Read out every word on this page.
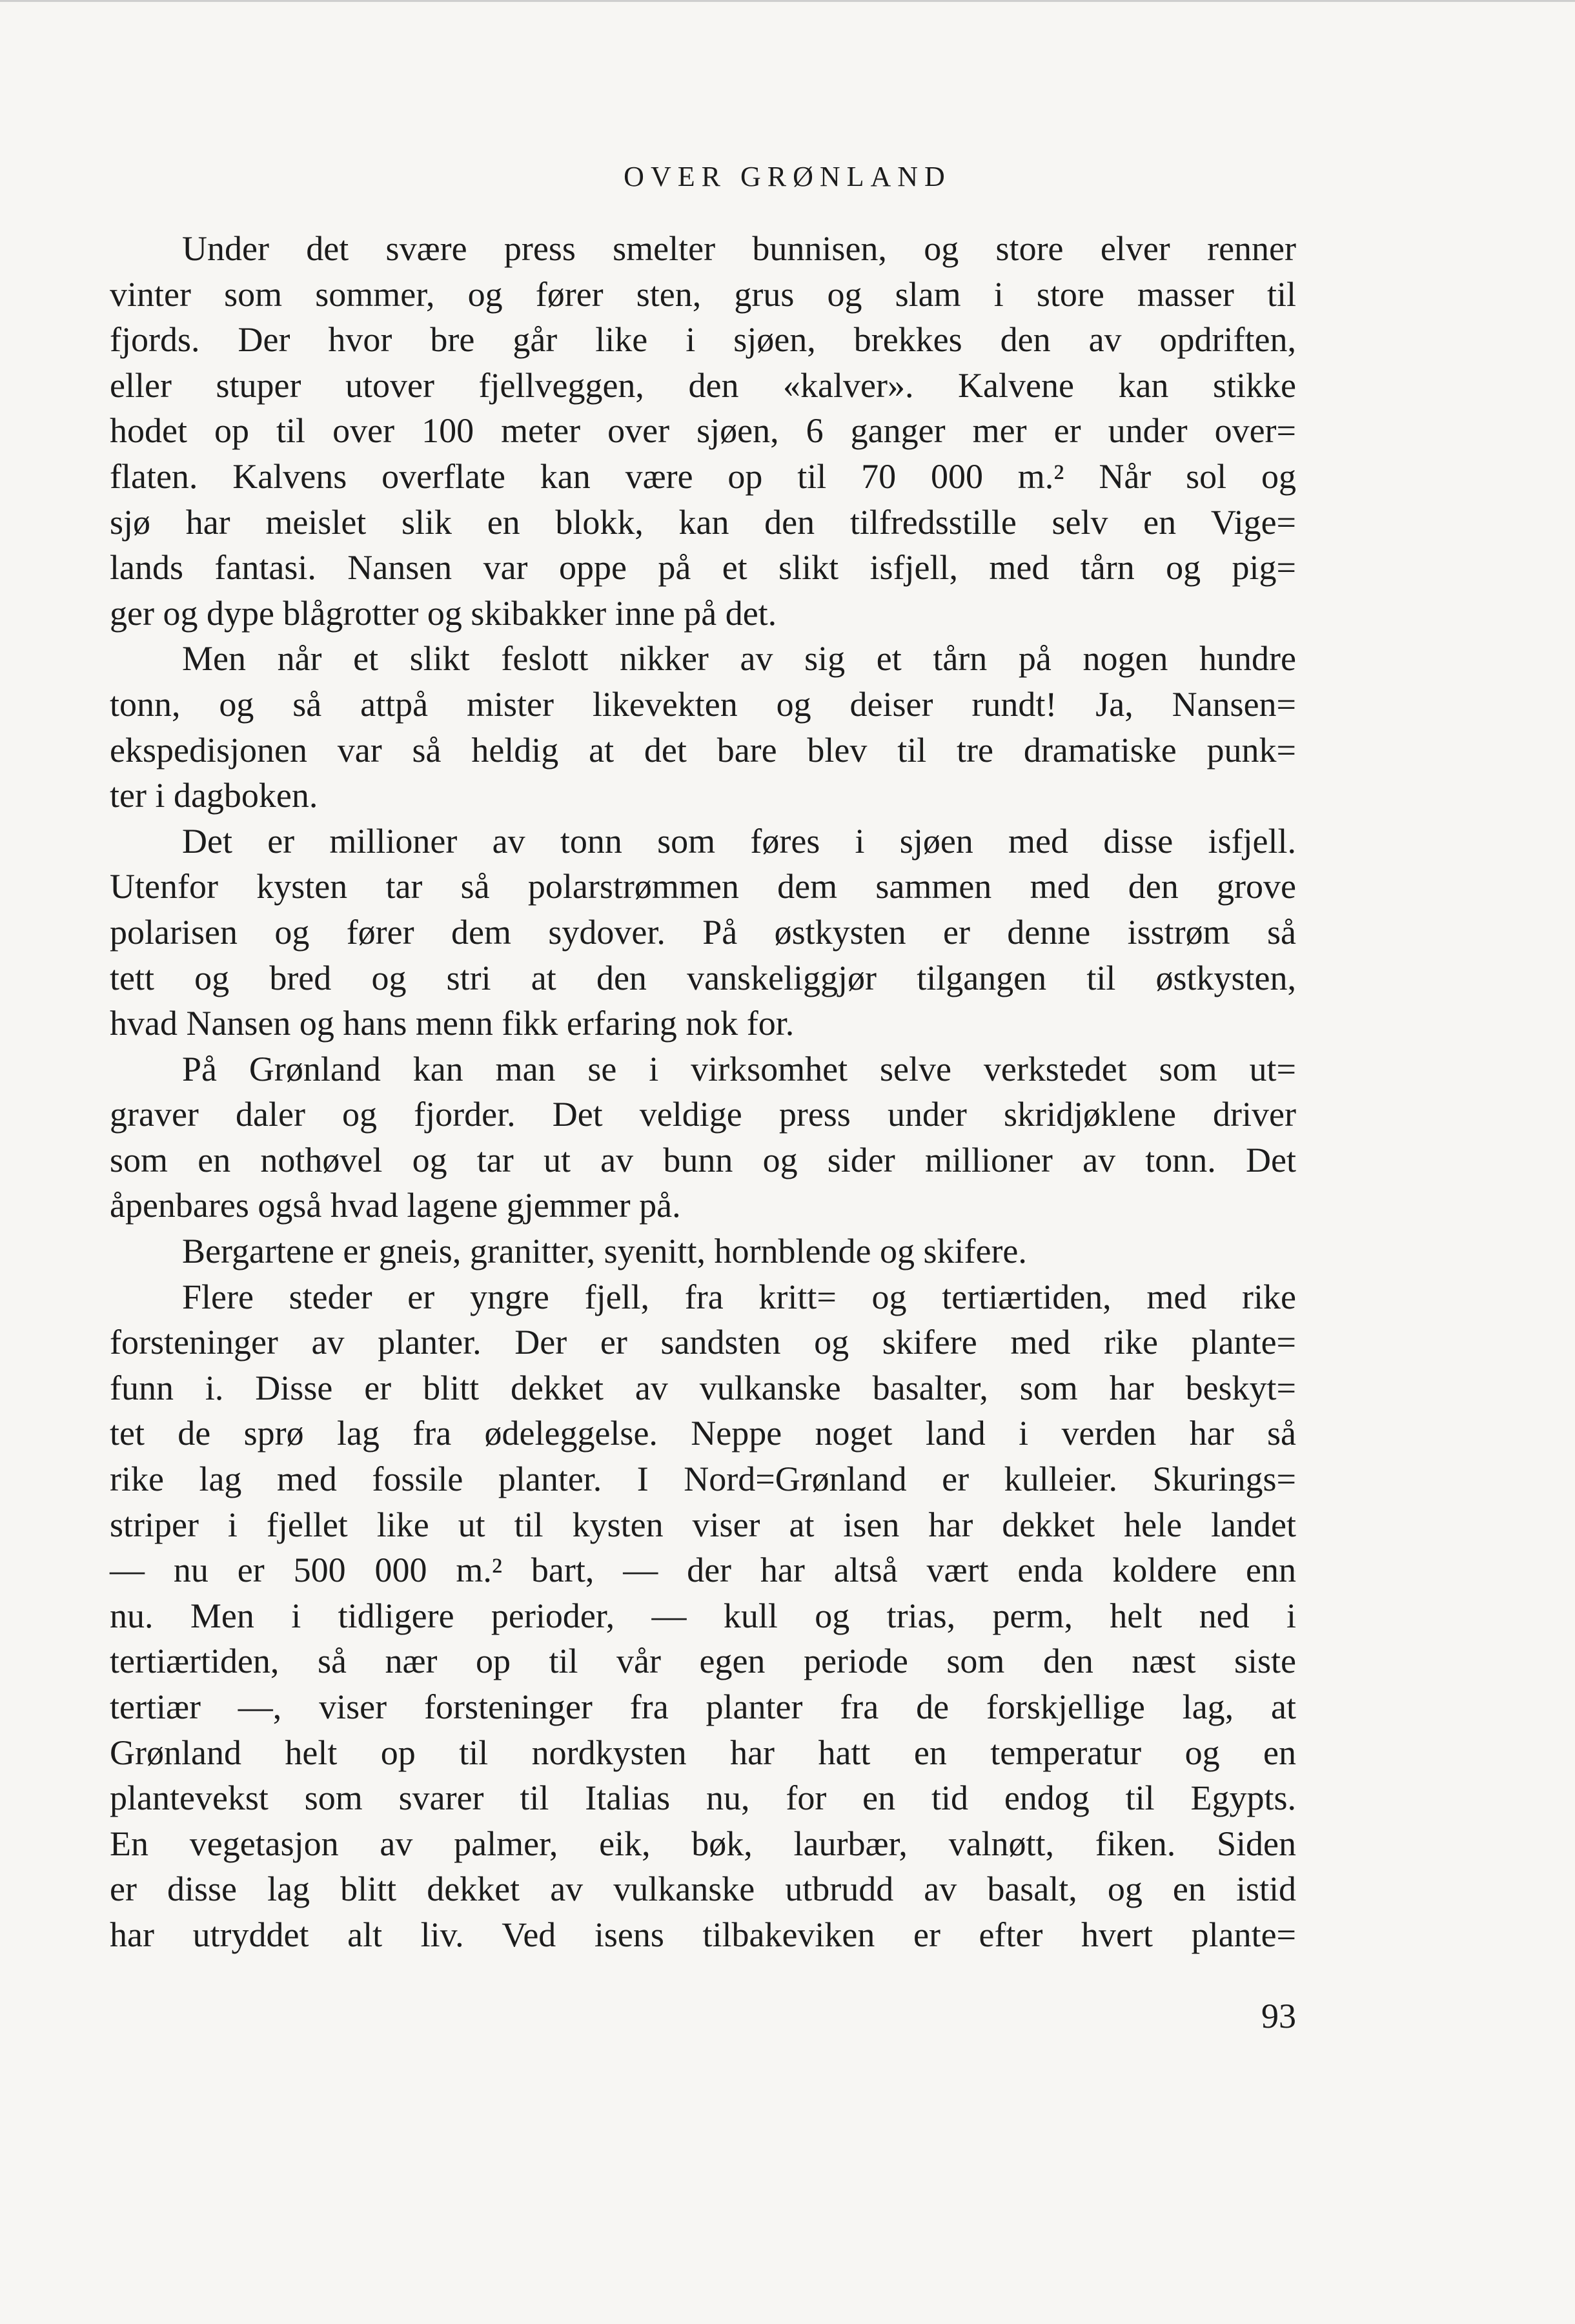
OVER GRØNLAND
Under det svære press smelter bunnisen, og store elver renner
vinter som sommer, og fører sten, grus og slam i store masser til
fjords. Der hvor bre går like i sjøen, brekkes den av opdriften,
eller stuper utover fjellveggen, den «kalver». Kalvene kan stikke
hodet op til over 100 meter over sjøen, 6 ganger mer er under over=
flaten. Kalvens overflate kan være op til 70 000 m.² Når sol og
sjø har meislet slik en blokk, kan den tilfredsstille selv en Vige=
lands fantasi. Nansen var oppe på et slikt isfjell, med tårn og pig=
ger og dype blågrotter og skibakker inne på det.
Men når et slikt feslott nikker av sig et tårn på nogen hundre
tonn, og så attpå mister likevekten og deiser rundt! Ja, Nansen=
ekspedisjonen var så heldig at det bare blev til tre dramatiske punk=
ter i dagboken.
Det er millioner av tonn som føres i sjøen med disse isfjell.
Utenfor kysten tar så polarstrømmen dem sammen med den grove
polarisen og fører dem sydover. På østkysten er denne isstrøm så
tett og bred og stri at den vanskeliggjør tilgangen til østkysten,
hvad Nansen og hans menn fikk erfaring nok for.
På Grønland kan man se i virksomhet selve verkstedet som ut=
graver daler og fjorder. Det veldige press under skridjøklene driver
som en nothøvel og tar ut av bunn og sider millioner av tonn. Det
åpenbares også hvad lagene gjemmer på.
Bergartene er gneis, granitter, syenitt, hornblende og skifere.
Flere steder er yngre fjell, fra kritt= og tertiærtiden, med rike
forsteninger av planter. Der er sandsten og skifere med rike plante=
funn i. Disse er blitt dekket av vulkanske basalter, som har beskyt=
tet de sprø lag fra ødeleggelse. Neppe noget land i verden har så
rike lag med fossile planter. I Nord=Grønland er kulleier. Skurings=
striper i fjellet like ut til kysten viser at isen har dekket hele landet
— nu er 500 000 m.² bart, — der har altså vært enda koldere enn
nu. Men i tidligere perioder, — kull og trias, perm, helt ned i
tertiærtiden, så nær op til vår egen periode som den næst siste
tertiær —, viser forsteninger fra planter fra de forskjellige lag, at
Grønland helt op til nordkysten har hatt en temperatur og en
plantevekst som svarer til Italias nu, for en tid endog til Egypts.
En vegetasjon av palmer, eik, bøk, laurbær, valnøtt, fiken. Siden
er disse lag blitt dekket av vulkanske utbrudd av basalt, og en istid
har utryddet alt liv. Ved isens tilbakeviken er efter hvert plante=
93
